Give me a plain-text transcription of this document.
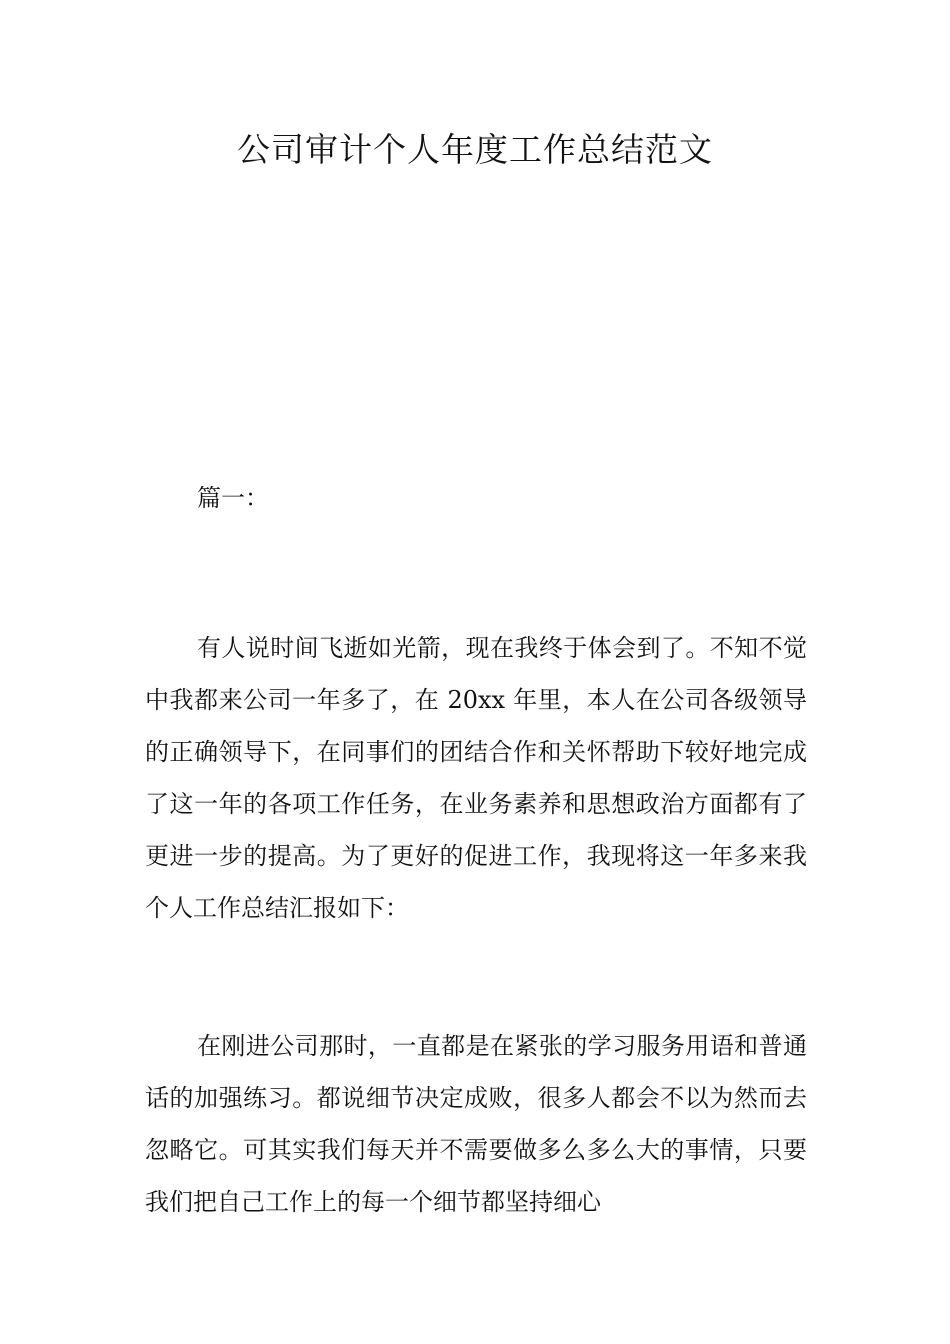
公司审计个人年度工作总结范文

篇一：

有人说时间飞逝如光箭，现在我终于体会到了。不知不觉中我都来公司一年多了，在 20xx 年里，本人在公司各级领导的正确领导下，在同事们的团结合作和关怀帮助下较好地完成了这一年的各项工作任务，在业务素养和思想政治方面都有了更进一步的提高。为了更好的促进工作，我现将这一年多来我个人工作总结汇报如下：

在刚进公司那时，一直都是在紧张的学习服务用语和普通话的加强练习。都说细节决定成败，很多人都会不以为然而去忽略它。可其实我们每天并不需要做多么多么大的事情，只要我们把自己工作上的每一个细节都坚持细心
